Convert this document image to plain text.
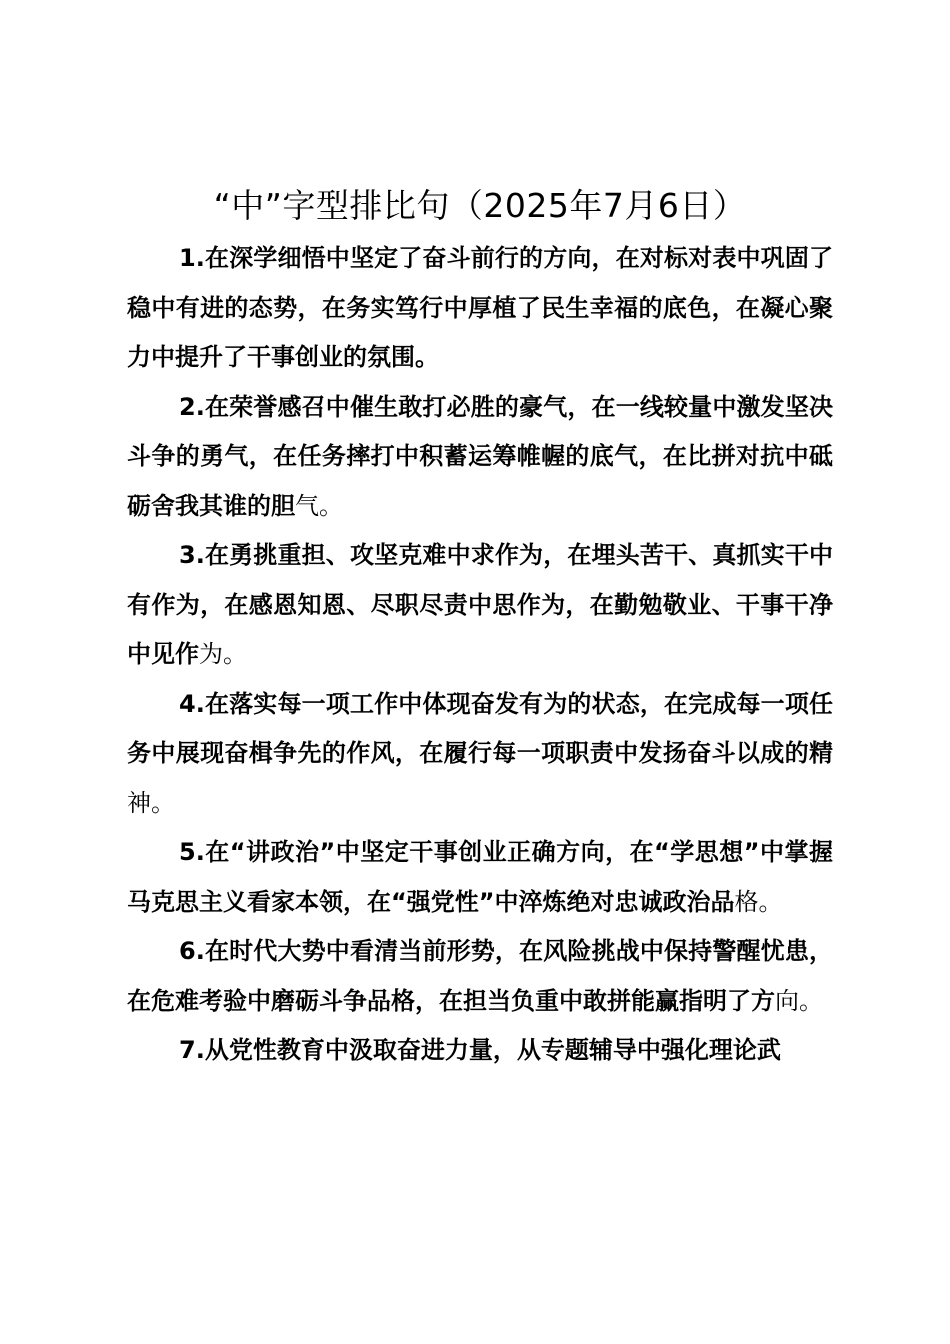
“中”字型排比句（2025年7月6日）

1.在深学细悟中坚定了奋斗前行的方向，在对标对表中巩固了稳中有进的态势，在务实笃行中厚植了民生幸福的底色，在凝心聚力中提升了干事创业的氛围。

2.在荣誉感召中催生敢打必胜的豪气，在一线较量中激发坚决斗争的勇气，在任务摔打中积蓄运筹帷幄的底气，在比拼对抗中砥砺舍我其谁的胆气。

3.在勇挑重担、攻坚克难中求作为，在埋头苦干、真抓实干中有作为，在感恩知恩、尽职尽责中思作为，在勤勉敬业、干事干净中见作为。

4.在落实每一项工作中体现奋发有为的状态，在完成每一项任务中展现奋楫争先的作风，在履行每一项职责中发扬奋斗以成的精神。

5.在“讲政治”中坚定干事创业正确方向，在“学思想”中掌握马克思主义看家本领，在“强党性”中淬炼绝对忠诚政治品格。

6.在时代大势中看清当前形势，在风险挑战中保持警醒忧患，在危难考验中磨砺斗争品格，在担当负重中敢拼能赢指明了方向。

7.从党性教育中汲取奋进力量，从专题辅导中强化理论武
